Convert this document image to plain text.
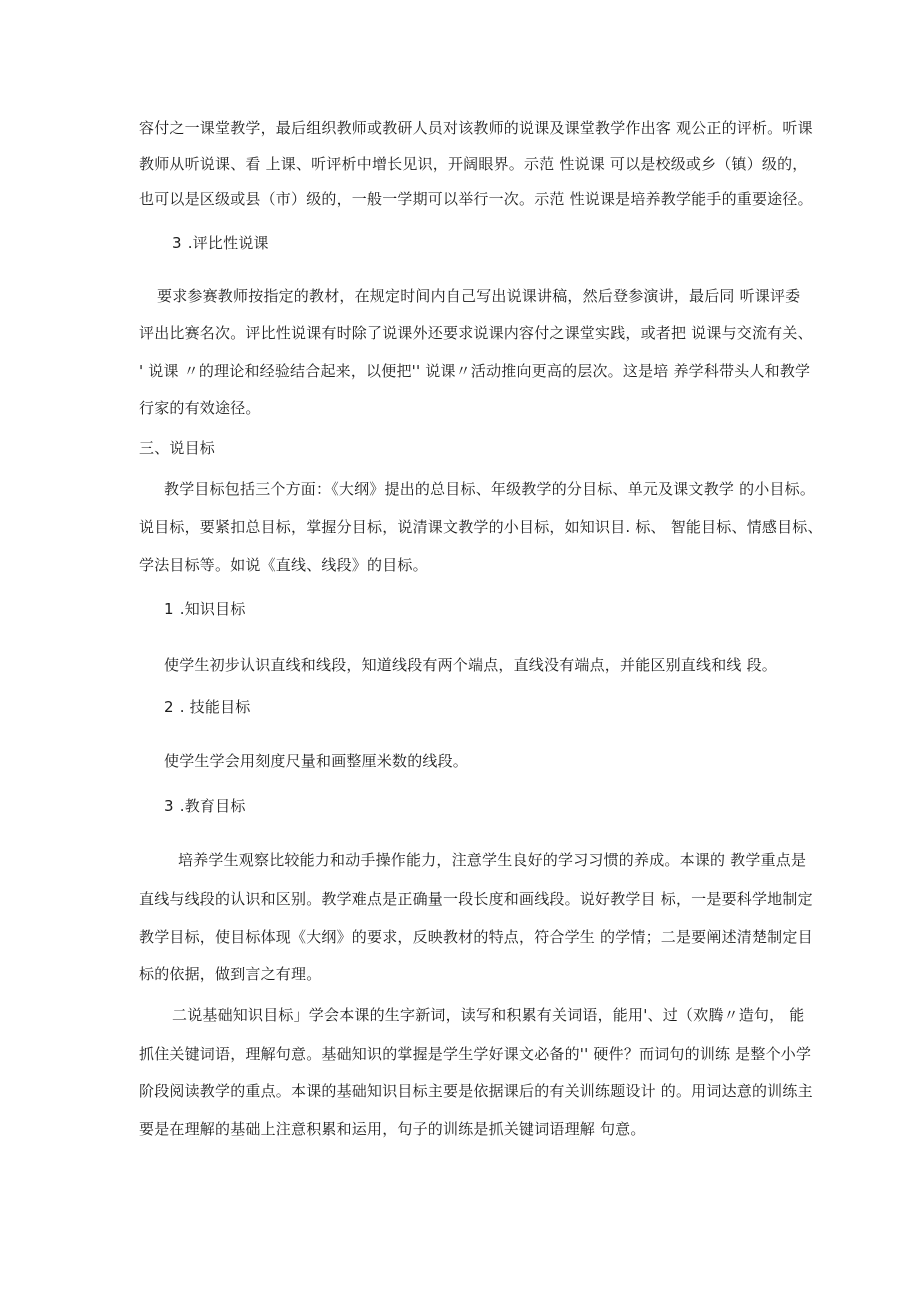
容付之一课堂教学，最后组织教师或教研人员对该教师的说课及课堂教学作出客 观公正的评析。听课
教师从听说课、看 上课、听评析中增长见识，开阔眼界。示范 性说课 可以是校级或乡（镇）级的，
也可以是区级或县（市）级的，一般一学期可以举行一次。示范 性说课是培养教学能手的重要途径。
3 .评比性说课
要求参赛教师按指定的教材，在规定时间内自己写出说课讲稿，然后登参演讲，最后同 听课评委
评出比赛名次。评比性说课有时除了说课外还要求说课内容付之课堂实践，或者把 说课与交流有关、
' 说课 〃的理论和经验结合起来，以便把'' 说课〃活动推向更高的层次。这是培 养学科带头人和教学
行家的有效途径。
三、说目标
教学目标包括三个方面：《大纲》提出的总目标、年级教学的分目标、单元及课文教学 的小目标。
说目标，要紧扣总目标，掌握分目标，说清课文教学的小目标，如知识目. 标、 智能目标、情感目标、
学法目标等。如说《直线、线段》的目标。
1 .知识目标
使学生初步认识直线和线段，知道线段有两个端点，直线没有端点，并能区别直线和线 段。
2 . 技能目标
使学生学会用刻度尺量和画整厘米数的线段。
3 .教育目标
培养学生观察比较能力和动手操作能力，注意学生良好的学习习惯的养成。本课的 教学重点是
直线与线段的认识和区别。教学难点是正确量一段长度和画线段。说好教学目 标，一是要科学地制定
教学目标，使目标体现《大纲》的要求，反映教材的特点，符合学生 的学情；二是要阐述清楚制定目
标的依据，做到言之有理。
二说基础知识目标」学会本课的生字新词，读写和积累有关词语，能用'、过（欢腾〃造句， 能
抓住关键词语，理解句意。基础知识的掌握是学生学好课文必备的'' 硬件？而词句的训练 是整个小学
阶段阅读教学的重点。本课的基础知识目标主要是依据课后的有关训练题设计 的。用词达意的训练主
要是在理解的基础上注意积累和运用，句子的训练是抓关键词语理解 句意。
